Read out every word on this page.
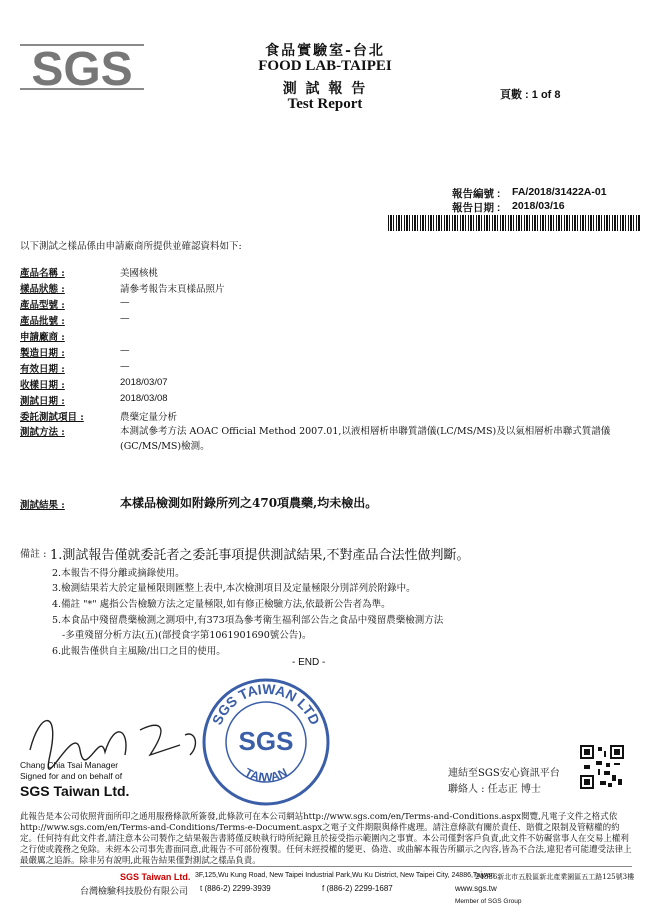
SGS	食品實驗室-台北
FOOD LAB-TAIPEI
測 試 報 告
Test Report
頁數 : 1 of 8
報告編號 : FA/2018/31422A-01
報告日期 : 2018/03/16
以下測試之樣品係由申請廠商所提供並確認資料如下:
產品名稱 :	美國核桃
樣品狀態 :	請參考報告末頁樣品照片
產品型號 :	—
產品批號 :	—
申請廠商 :
製造日期 :	—
有效日期 :	—
收樣日期 :	2018/03/07
測試日期 :	2018/03/08
委託測試項目 :	農藥定量分析
測試方法 :	本測試參考方法 AOAC Official Method 2007.01,以液相層析串聯質譜儀(LC/MS/MS)及以氣相層析串聯式質譜儀(GC/MS/MS)檢測。
測試結果 :	本樣品檢測如附錄所列之470項農藥,均未檢出。
備註 : 1.測試報告僅就委託者之委託事項提供測試結果,不對產品合法性做判斷。
2.本報告不得分離或摘錄使用。
3.檢測結果若大於定量極限則匯整上表中,本次檢測項目及定量極限分別詳列於附錄中。
4.備註 "*" 處指公告檢驗方法之定量極限,如有修正檢驗方法,依最新公告者為準。
5.本食品中殘留農藥檢測之測項中,有373項為參考衛生福利部公告之食品中殘留農藥檢測方法
-多重殘留分析方法(五)(部授食字第1061901690號公告)。
6.此報告僅供自主風險/出口之目的使用。
- END -
Chang Chia Tsai Manager
Signed for and on behalf of
SGS Taiwan Ltd.
SGS TAIWAN LTD
TAIWAN
SGS
連結至SGS安心資訊平台
聯絡人 : 任志正 博士
此報告是本公司依照背面所印之通用服務條款所簽發,此條款可在本公司網站http://www.sgs.com/en/Terms-and-Conditions.aspx閱覽,凡電子文件之格式依http://www.sgs.com/en/Terms-and-Conditions/Terms-e-Document.aspx之電子文件期限與條件處理。請注意條款有關於責任、賠償之限制及管轄權的約定。任何持有此文件者,請注意本公司製作之結果報告書將僅反映執行時所紀錄且於接受指示範圍內之事實。本公司僅對客戶負責,此文件不妨礙當事人在交易上權利之行使或義務之免除。未經本公司事先書面同意,此報告不可部份複製。任何未經授權的變更、偽造、或曲解本報告所顯示之內容,皆為不合法,違犯者可能遭受法律上最嚴厲之追訴。除非另有說明,此報告結果僅對測試之樣品負責。
SGS Taiwan Ltd.
台灣檢驗科技股份有限公司
3F,125,Wu Kung Road, New Taipei Industrial Park,Wu Ku District, New Taipei City, 24886,Taiwan
24886新北市五股區新北產業園區五工路125號3樓
t (886-2) 2299-3939	f (886-2) 2299-1687	www.sgs.tw
Member of SGS Group
